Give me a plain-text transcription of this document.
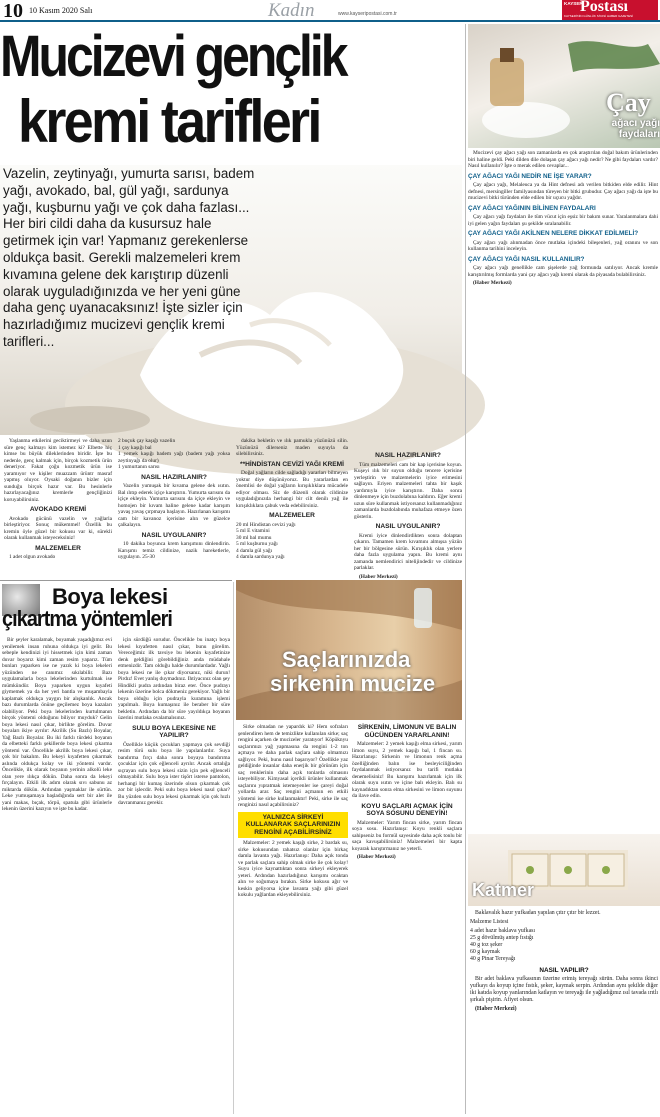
10 10 Kasım 2020 Salı	Kadın	www.kayseripostasi.com.tr
KAYSERİ
Postası
KAYSERİ'NİN GÜNLÜK SİYASİ HABER GAZETESİ
Mucizevi gençlik
kremi tarifleri
Vazelin, zeytinyağı, yumurta sarısı, badem yağı, avokado, bal, gül yağı, sardunya yağı, kuşburnu yağı ve çok daha fazlası... Her biri cildi daha da kusursuz hale getirmek için var! Yapmanız gerekenlerse oldukça basit. Gerekli malzemeleri krem kıvamına gelene dek karıştırıp düzenli olarak uyguladığınızda ve her yeni güne daha genç uyanacaksınız! İşte sizler için hazırladığımız mucizevi gençlik kremi tarifleri...

Yaşlanma etkilerini geciktirmeyi ve daha uzun süre genç kalmayı kim istemez ki? Elbette hiç kimse bu büyük dileklerinden biridir. İşte bu nedenle, genç kalmak için, birçok kozmetik ürün deneriyor. Fakat çoğu kozmetik ürün ise yaramıyor ve kişiler muazzam ürüntr masraf yapmış oluyor. Oysaki doğanın bizler için sunduğu birçok hazır var. Bu hesinlerle hazırlayacağınız kremlerle gençliğinizi koruyabilirsiniz.

AVOKADO KREMİ

Avokado gücünü vazelin ve yağlarla birleştiriyor. Sonuç mükemmel! Özellik bu kremin öyle güzel bir kokusu var ki, sürekli olarak kullanmak isteyeceksiniz!

MALZEMELER

1 adet olgun avokado

2 buçuk çay kaşığı vazelin
1 çay kaşığı bal
1 yemek kaşığı badem yağı (badem yağı yoksa zeytinyağı da olur)
1 yumurtanın sarısı
NASIL HAZIRLANIR?

Vazelin yumuşak bir kıvama gelene dek ısıtın. Bal ılıtıp ederek içiçe karıştırın. Yumurta sarısını da içiçe ekleyin. Yumurta sarısını da içiçe ekleyin ve homojen bir kıvam haline gelene kadar karışım yavaş yavaş çırpmaya başlayın. Hazırlanan karışımı cam bir kavanoz içerisine alın ve güzelce çalkalayın.

NASIL UYGULANIR?

10 dakika boyunca krem karışımını dinlendirin. Karışımı temiz cildinize, nazik hareketlerle, uygulayın. 25-30

dakika bekletin ve ılık pamukla yüzünüzü silin. Yüzünüzü dilerseniz maden suyuyla da silebilirsiniz.

**HİNDİSTAN CEVİZİ YAĞI KREMİ

Doğal yağların cilde sağladığı yararları bilmeyen yoktur diye düşünüyoruz. Bu yararlardan en önemlisi de doğal yağların kırışıklıklara mücadele ediyor olması. Siz de düzenli olarak cildinize uyguladığınızda herhangi bir cilt denilı yağ ile kırışıklıklara çabuk veda edebilirsiniz.

MALZEMELER
20 ml Hindistan cevizi yağı
5 ml E vitamini
30 ml bal mumu
5 ml kuşburnu yağı
4 damla gül yağı
4 damla sardunya yağı
NASIL HAZIRLANIR?

Tüm malzemeleri cam bir kap içerisine koyun. Kuşeyi ılık bir suyun olduğu tencere içerisine yerleştirin ve malzemelerin iyice erimesini sağlayın. Eriyen malzemeleri tahta bir kaşık yardımıyla iyice karıştırın. Daha sonra dinlenmeye için buzdolabına kaldırın. Eğer kremi uzun süre kullanmak istiyorsanız kullanmadığınız zamanlarda buzdolabında muhafaza etmeye özen gösterin.

NASIL UYGULANIR?

Kremi iyice dinlendirdikten sonra dolaptan çıkarın. Tamamen krem kıvamını almışsa yüzün her bir bölgesine sürün. Kırışıklık olan yerlere daha fazla uygulama yapın. Bu kremi aynı zamanda nemlendirici nitelijindedir ve cildinize parlaklar.

(Haber Merkezi)

Boya lekesi
çıkartma yöntemleri

Bir şeyler karalamak, boyamak yaşadığımız evi yenilemek insan ruhuna oldukça iyi gelir. Bu sebeple kendinizi iyi hissetmek için kimi zaman duvar boyarız kimi zaman resim yaparız. Tüm bunları yaparken ise ne yazık ki boya lekeleri yüzünden ne canımız sıkılabilir. Bazı uygulamalarla boya lekelerinden kurtulmak ise mümkündür. Boya yaparken uygun kıyafeti giymemek ya da her yeri bantla ve muşambayla kaplamak oldukça yaygın bir alışkanlık. Ancak bazı durumlarda önüne geçilemez boya kazaları olabiliyor. Peki boya lekelerinden kurtulmanın birçok yöntemi olduğunu biliyor muyduk? Gelin boya lekesi nasıl çıkar, birlikte görelim. Duvar boyaları ikiye ayrılır: Akrilik (Su Bazlı) Boyalar, Yağ Bazlı Boyalar. Bu iki farklı türdeki boyanın da elbetteki farklı şekillerde boya lekesi çıkarma yöntemi var. Öncelikle akrilik boya lekesi çıkar, çok bir bakalım. Bu lekeyi kıyafetten çıkarmak aslında oldukça kolay ve iki yöntemi vardır. Öncelikle, ilk olarak boyanın yerinin alkolü leke olan yere ılıkça dökün. Daha sonra da lekeyi fırçalayın. Etkili ilk adım olarak sıvı sabunu az miktarda dökün. Ardından yaşmaklar ile sürtün. Leke yumuşamaya başladığında sert bir alet ile yani makas, bıçak, törpü, spatula gibi ürünlerle lekenin üzerini kazıyın ve işte bu kadar.

için sürdüğü sorudur. Öncelikle bu inatçı boya lekesi kıyafetten nasıl çıkar, bunu görelim. Vereceğimiz ilk tavsiye bu lekenin kıyafetinize denk geldiğini görebildiğiniz anda müdahale etmenizdir. Tam olduğu halde durumlardadır. Yağlı boya lekesi ne ile çıkar diyorsanız, niki durun! Pirdız! Evet yanlış duymadınız. Ihtiyacınız olan şey Hindikli pudra ardından biraz eter. Önce pudrayı lekenin üzerine bolca dökmeniz gerekiyor. Yağlı bir boya olduğu için pudrayla kuramına işlemi yapılmalı. Boya kumaşınız ile beraber bir süre bekletin. Ardından da bir süre yayıldıkça boyanın üzerini mutlaka ovalamalısınız.

SULU BOYA LEKESİNE NE YAPILIR?

Özellikle küçük çocukları yapmaya çok sevdiği resim türü sulu boya ile yapılanlardır. Suya bandırma fırçı daha sonra boyaya bandırıma çocuklar için çok eğlenceli ayrılır. Ancak ortalığa sıçrayan sulu boya lekesi sizin için pek eğlenceli olmayabilir. Sulu boya ister tişört isterse pantolon, herhangi bir kumaş üzerinde olsun çıkarmak çok zor bir işlecdir. Peki sulu boya lekesi nasıl çıkar? Bu yüzden sulu boya lekesi çıkarmak için çok hızlı davranmanız gerekir.

Saçlarınızda
sirkenin mucize

Sirke olmadan ne yapardık ki? Hem sofraları şenlendiren hem de temizlikte kullanılan sirke; saç rengini açarken de mucizeler yaratıyor! Köpüknyu saçlarımızı yağ yapmasına da rengini 1-2 ton açmaya ve daha parlak saçlara sahip olmamızı sağlıyor. Peki, bunu nasıl başarıyor? Özellikle yaz geldiğinde insanlar daha enerjik bir görünüm için saç renklerinin daha açık tonlarda olmasını isteyebiliyor. Kimyasal içerikli ürünler kullanmak saçlarını yıpratmak istemeyenler ise çareyi doğal yollarda arar. Saç rengini açmanın en etkili yöntemi ise sirke kullanmaktır! Peki, sirke ile saç renginizi nasıl açabilirsiniz?

YALNIZCA SİRKEYİ KULLANARAK SAÇLARINIZIN RENGİNİ AÇABİLİRSİNİZ

Malzemeler: 2 yemek kaşığı sirke, 2 bardak su, sirke kokusundan rahatsız olanlar için birkaç damla lavanta yağı. Hazırlanışı: Daha açık tonda ve parlak saçlara sahip olmak sirke ile çok kolay! Suyu iyice kaynattıktan sonra sirkeyi ekleyerek yeteri. Ardından hazırladığınız karışımı ocaktan alın ve soğumaya bırakın. Sirke kokusu ağır ve keskin geliyorsa içine lavanta yağı gibi güzel kokulu yağlardan ekleyebilirsiniz.

SİRKENİN, LİMONUN VE BALIN GÜCÜNDEN YARARLANIN!

Malzemeler: 2 yemek kaşığı elma sirkesi, yarım limon suyu, 2 yemek kaşığı bal, 1 fincan su. Hazırlanışı: Sirkenin ve limonun renk açma özelliğinden balın ise besleyiciliğinden faydalanmak istiyorsanız bu tarifi mutlaka denemelisiniz! Bu karışımı hazırlamak için ilk olarak suyu ısıtın ve içine balı ekleyin. Balı su kaynadıktan sonra elma sirkesini ve limon suyunu da ilave edin.

KOYU SAÇLARI AÇMAK İÇİN SOYA SOSUNU DENEYİN!

Malzemeler: Yarım fincan sirke, yarım fincan soya sosu. Hazırlanışı: Koyu renkli saçlara sahipseniz bu formül sayesinde daha açık tonlu bir saça kavuşabilirsiniz! Malzemeleri bir kapta koyarak karıştırmanız ne yeterli.

(Haber Merkezi)

Çay
ağacı yağı faydaları

Mucizevi çay ağacı yağı son zamanlarda en çok araştırılan doğal bakım ürünlerinden biri haline geldi. Peki dilden dile dolaşan çay ağacı yağı nedir? Ne gibi faydaları vardır? Nasıl kullanılır? İşte o merak edilen cevaplar...

ÇAY AĞACI YAĞI NEDİR NE İŞE YARAR?

Çay ağacı yağı, Melaleuca ya da Hint defnesi adı verilen bitkiden elde edilir. Hint defnesi, mersingiller familyasından türeyen bir bitki grubudur. Çay ağacı yağı da işte bu mucizevi bitki türünden elde edilen bir uçucu yağdır.

ÇAY AĞACI YAĞININ BİLİNEN FAYDALARI

Çay ağacı yağı faydaları ile tüm vücut için eşsiz bir bakım sunar. Yaralanmalara dahi iyi gelen yağın faydaları şu şekilde sıralanabilir.

ÇAY AĞACI YAĞI AKİLNEN NELERE DİKKAT EDİLMELİ?

Çay ağacı yağı alınmadan önce mutlaka içindeki bileşenleri, yağ oranını ve son kullanma tarihini inceleyin.

ÇAY AĞACI YAĞI NASIL KULLANILIR?

Çay ağacı yağı genellikle cam şişelerde yağ formunda satılıyor. Ancak kremle karıştırılmış formlarda yani çay ağacı yağı kremi olarak da piyasada bulabilirsiniz.

(Haber Merkezi)

Katmer

Baklavalık hazır yufkadan yapılan çıtır çıtır bir lezzet.

Malzeme Listesi

4 adet hazır baklava yufkası
25 g dövülmüş antep fıstığı
40 g toz şeker
60 g kaymak
40 g Pinar Tereyağı
NASIL YAPILIR?

Bir adet baklava yufkasının üzerine erimiş tereyağı sürün. Daha sonra ikinci yufkayı da koyup içine fıstık, şeker, kaymak serpin. Ardından aynı şekilde diğer iki katıda koyup yanlarından katlayın ve tereyağı ile yağladığınız ısıl tavada ırıtlı şırkalı pişirin. Afiyet olsun.

(Haber Merkezi)
